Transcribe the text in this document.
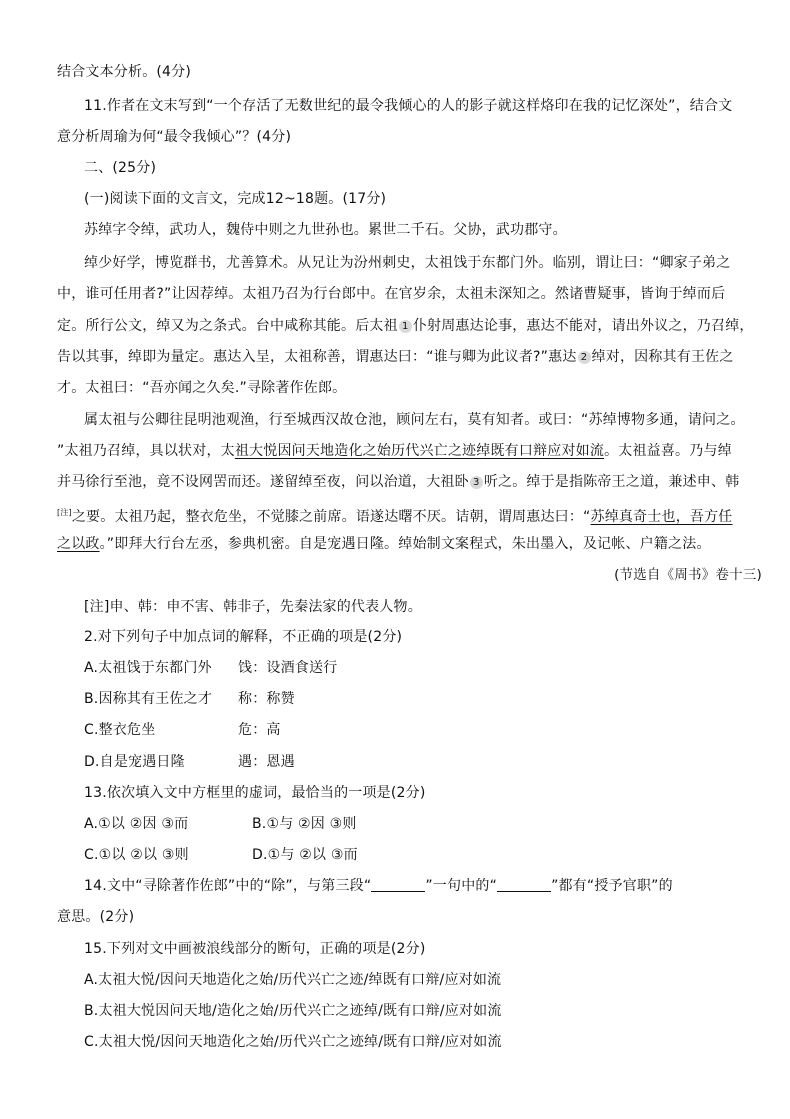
结合文本分析。(4分)
11.作者在文末写到“一个存活了无数世纪的最令我倾心的人的影子就这样烙印在我的记忆深处”，结合文
意分析周瑜为何“最令我倾心”？(4分)
二、(25分)
(一)阅读下面的文言文，完成12~18题。(17分)
苏绰字令绰，武功人，魏侍中则之九世孙也。累世二千石。父协，武功郡守。
绰少好学，博览群书，尤善算术。从兄让为汾州刺史，太祖饯于东都门外。临别，谓让曰：“卿家子弟之
中，谁可任用者?”让因荐绰。太祖乃召为行台郎中。在官岁余，太祖未深知之。然诸曹疑事，皆询于绰而后
定。所行公文，绰又为之条式。台中咸称其能。后太祖 1 仆射周惠达论事，惠达不能对，请出外议之，乃召绰，
告以其事，绰即为量定。惠达入呈，太祖称善，谓惠达曰：“谁与卿为此议者?”惠达 2 绰对，因称其有王佐之
才。太祖曰：“吾亦闻之久矣.”寻除著作佐郎。
属太祖与公卿往昆明池观渔，行至城西汉故仓池，顾问左右，莫有知者。或曰：“苏绰博物多通，请问之。
”太祖乃召绰，具以状对，太祖大悦因问天地造化之始历代兴亡之迹绰既有口辩应对如流。太祖益喜。乃与绰
并马徐行至池，竟不设网罟而还。遂留绰至夜，问以治道，大祖卧 3 听之。绰于是指陈帝王之道，兼述申、韩
[注]之要。太祖乃起，整衣危坐，不觉膝之前席。语遂达曙不厌。诘朝，谓周惠达曰：“苏绰真奇士也，吾方任
之以政。”即拜大行台左丞，参典机密。自是宠遇日隆。绰始制文案程式，朱出墨入，及记帐、户籍之法。
(节选自《周书》卷十三)
[注]申、韩：申不害、韩非子，先秦法家的代表人物。
2.对下列句子中加点词的解释，不正确的项是(2分)
A.太祖饯于东都门外 饯：设酒食送行
B.因称其有王佐之才 称：称赞
C.整衣危坐	危：高
D.自是宠遇日隆	遇：恩遇
13.依次填入文中方框里的虚词，最恰当的一项是(2分)
A.①以 ②因 ③而	B.①与 ②因 ③则
C.①以 ②以 ③则	D.①与 ②以 ③而
14.文中“寻除著作佐郎”中的“除”，与第三段“	”一句中的“	”都有“授予官职”的
意思。(2分)
15.下列对文中画被浪线部分的断句，正确的项是(2分)
A.太祖大悦/因问天地造化之始/历代兴亡之迹/绰既有口辩/应对如流
B.太祖大悦因问天地/造化之始/历代兴亡之迹绰/既有口辩/应对如流
C.太祖大悦/因问天地造化之始/历代兴亡之迹绰/既有口辩/应对如流
